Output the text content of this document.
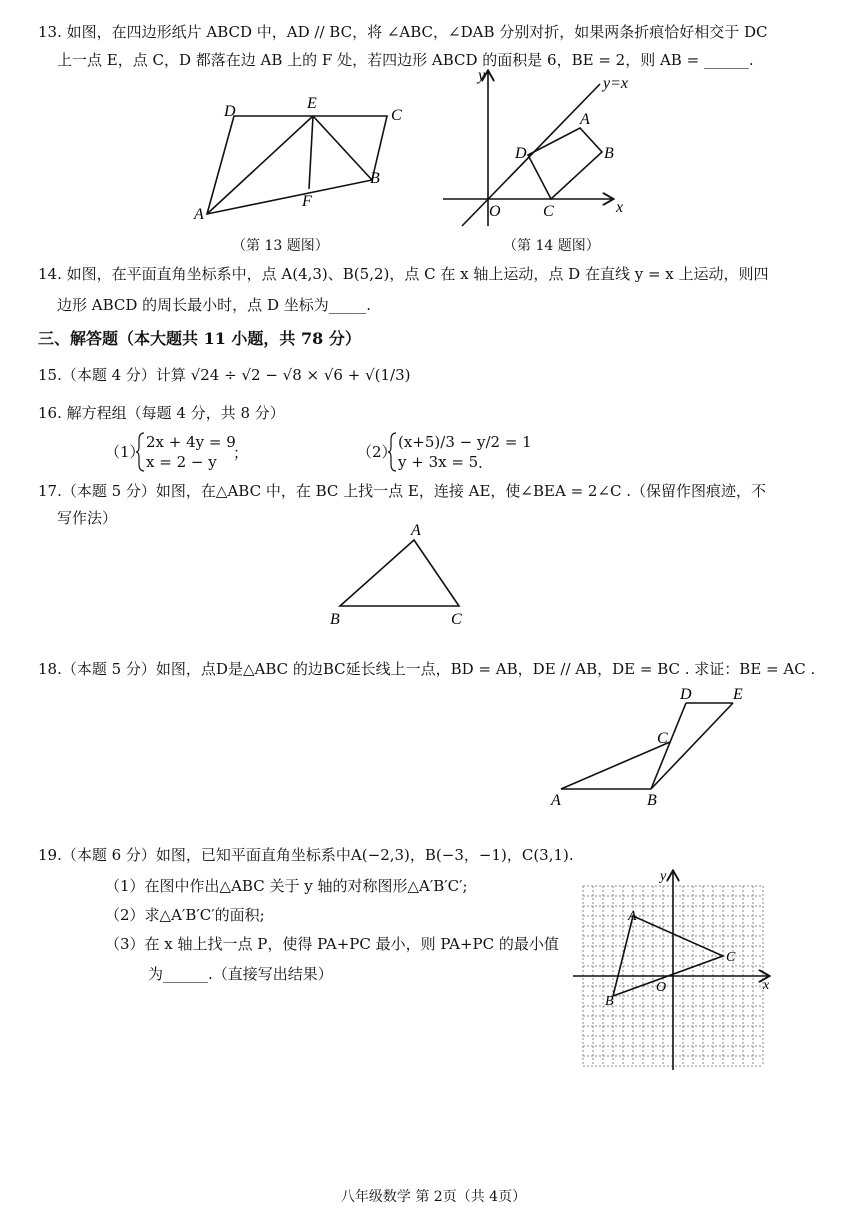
13. 如图，在四边形纸片 ABCD 中，AD // BC，将 ∠ABC，∠DAB 分别对折，如果两条折痕恰好相交于 DC
上一点 E，点 C，D 都落在边 AB 上的 F 处，若四边形 ABCD 的面积是 6，BE = 2，则 AB = ______.
D	E
C
B
F
A
（第 13 题图）
y	y=x
x
O
D
A
B
C
（第 14 题图）
14. 如图，在平面直角坐标系中，点 A(4,3)、B(5,2)，点 C 在 x 轴上运动，点 D 在直线 y = x 上运动，则四
边形 ABCD 的周长最小时，点 D 坐标为_____.
三、解答题（本大题共 11 小题，共 78 分）
15.（本题 4 分）计算 √24 ÷ √2 − √8 × √6 + √(1/3)
16. 解方程组（每题 4 分，共 8 分）
（1）
2x + 4y = 9
x = 2 − y ；	（2）
(x+5)/3 − y/2 = 1
y + 3x = 5 .
17.（本题 5 分）如图，在△ABC 中，在 BC 上找一点 E，连接 AE，使∠BEA = 2∠C .（保留作图痕迹，不
写作法）
A
B	C
18.（本题 5 分）如图，点D是△ABC 的边BC延长线上一点，BD = AB，DE // AB，DE = BC . 求证：BE = AC .
D	E
C
A	B
19.（本题 6 分）如图，已知平面直角坐标系中A(−2,3)，B(−3，−1)，C(3,1).
（1）在图中作出△ABC 关于 y 轴的对称图形△A′B′C′;
（2）求△A′B′C′的面积;
（3）在 x 轴上找一点 P，使得 PA+PC 最小，则 PA+PC 的最小值
为______.（直接写出结果）
y
x
O
A
B
C
八年级数学 第 2页（共 4页）
